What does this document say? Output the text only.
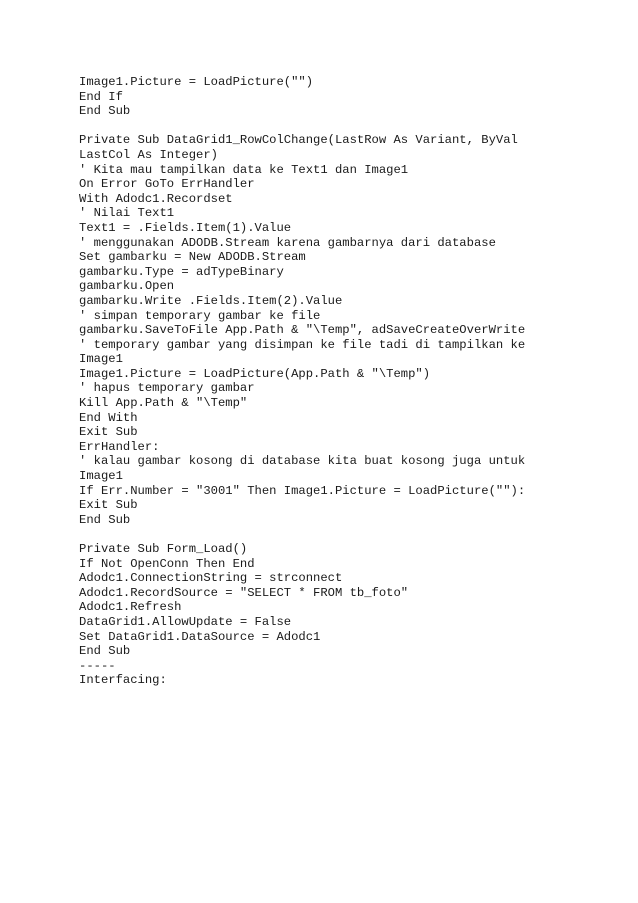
Image1.Picture = LoadPicture("")
End If
End Sub
Private Sub DataGrid1_RowColChange(LastRow As Variant, ByVal
LastCol As Integer)
' Kita mau tampilkan data ke Text1 dan Image1
On Error GoTo ErrHandler
With Adodc1.Recordset
' Nilai Text1
Text1 = .Fields.Item(1).Value
' menggunakan ADODB.Stream karena gambarnya dari database
Set gambarku = New ADODB.Stream
gambarku.Type = adTypeBinary
gambarku.Open
gambarku.Write .Fields.Item(2).Value
' simpan temporary gambar ke file
gambarku.SaveToFile App.Path & "\Temp", adSaveCreateOverWrite
' temporary gambar yang disimpan ke file tadi di tampilkan ke
Image1
Image1.Picture = LoadPicture(App.Path & "\Temp")
' hapus temporary gambar
Kill App.Path & "\Temp"
End With
Exit Sub
ErrHandler:
' kalau gambar kosong di database kita buat kosong juga untuk
Image1
If Err.Number = "3001" Then Image1.Picture = LoadPicture(""):
Exit Sub
End Sub
Private Sub Form_Load()
If Not OpenConn Then End
Adodc1.ConnectionString = strconnect
Adodc1.RecordSource = "SELECT * FROM tb_foto"
Adodc1.Refresh
DataGrid1.AllowUpdate = False
Set DataGrid1.DataSource = Adodc1
End Sub
-----
Interfacing:
